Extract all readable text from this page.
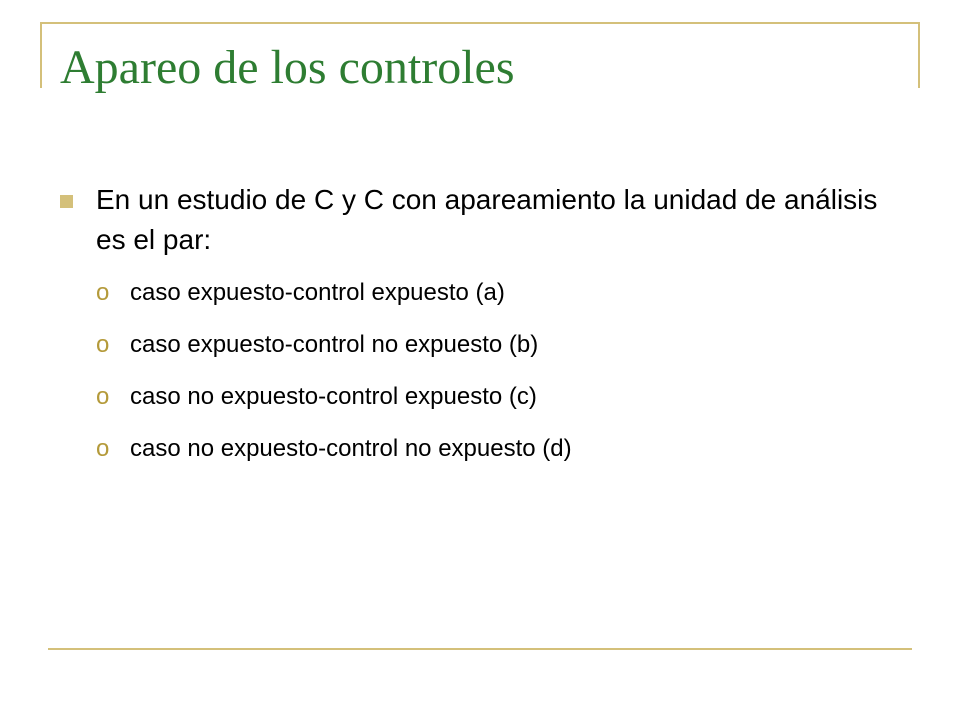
Apareo de los controles
En un estudio de C y C con apareamiento la unidad de análisis es el par:
o caso expuesto-control expuesto (a)
o caso expuesto-control no expuesto (b)
o caso no expuesto-control expuesto (c)
o caso no expuesto-control no expuesto (d)
